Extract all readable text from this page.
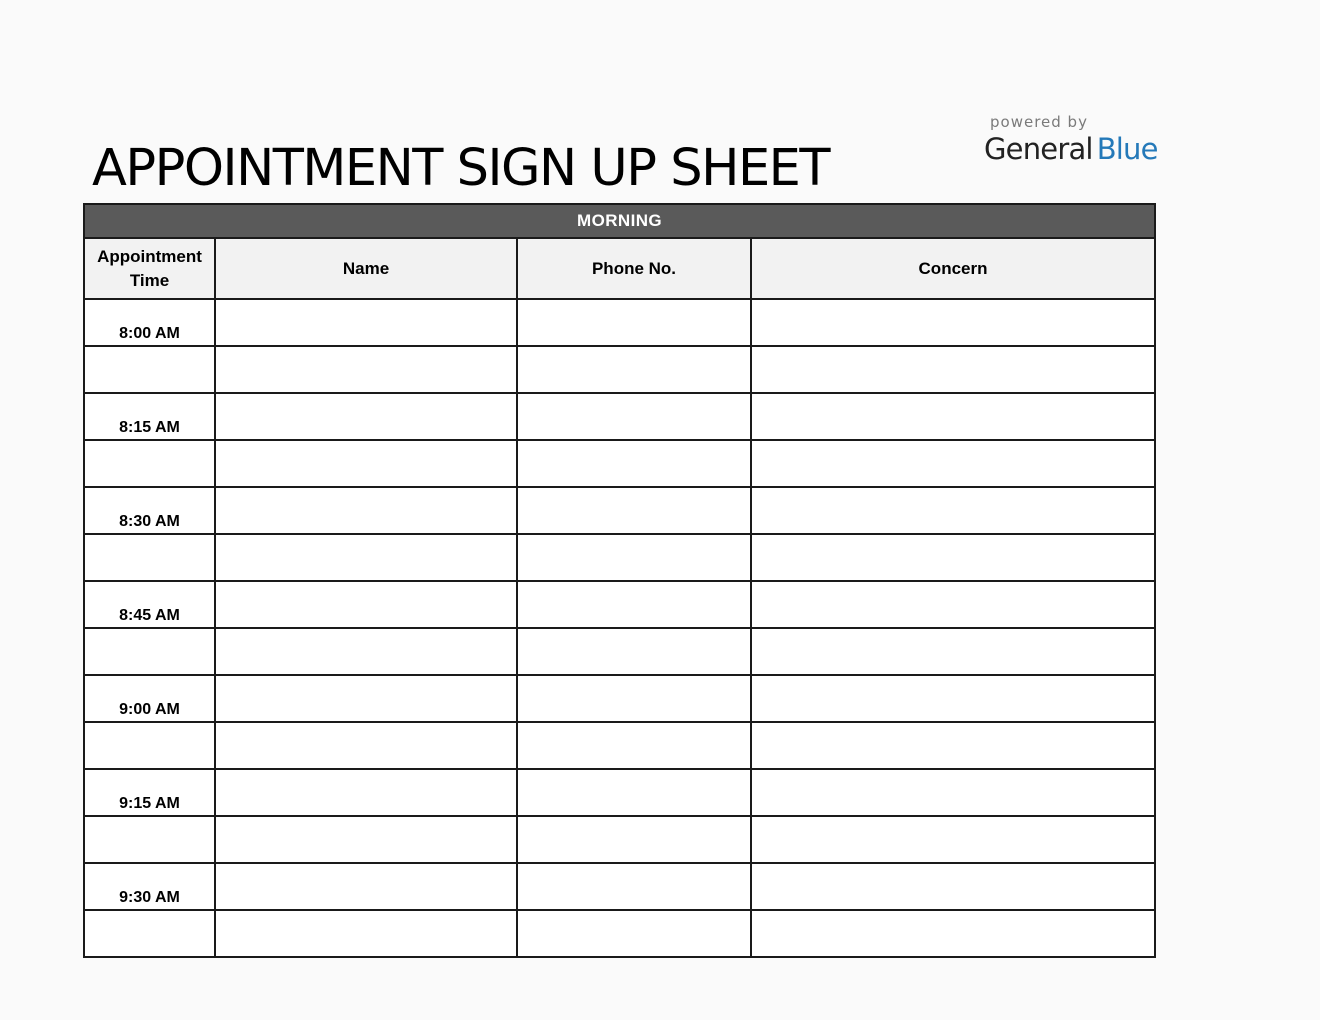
APPOINTMENT SIGN UP SHEET
powered by
General Blue
MORNING			
Appointment Time	Name	Phone No.	Concern
8:00 AM			

8:15 AM			

8:30 AM			

8:45 AM			

9:00 AM			

9:15 AM			

9:30 AM			
